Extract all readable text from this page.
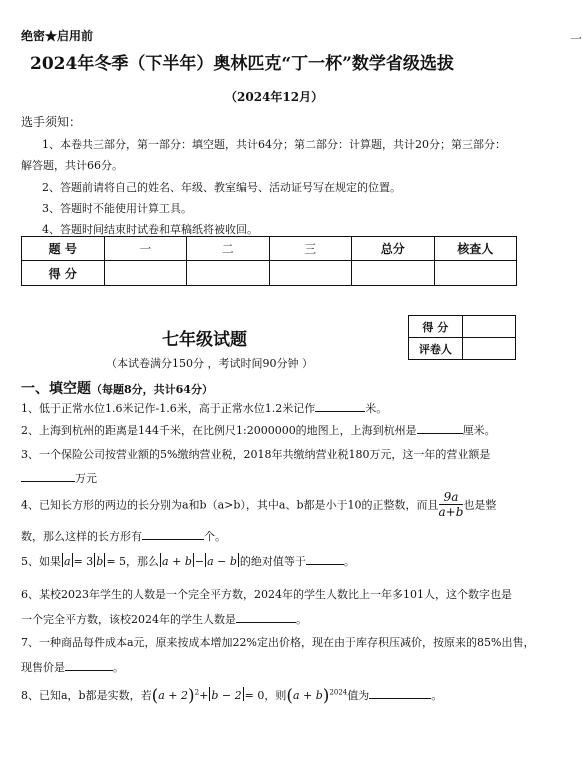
绝密★启用前	一
2024年冬季（下半年）奥林匹克“丁一杯”数学省级选拔
（2024年12月）
选手须知：
1、本卷共三部分，第一部分：填空题，共计64分；第二部分：计算题，共计20分；第三部分：
解答题，共计66分。
2、答题前请将自己的姓名、年级、教室编号、活动证号写在规定的位置。
3、答题时不能使用计算工具。
4、答题时间结束时试卷和草稿纸将被收回。
题 号	一	二	三	总分	核查人
得 分					
得 分	
评卷人	
七年级试题
（本试卷满分150分 ，考试时间90分钟 ）
一、填空题（每题8分，共计64分）
1、低于正常水位1.6米记作-1.6米，高于正常水位1.2米记作	米。
2、上海到杭州的距离是144千米，在比例尺1:2000000的地图上，上海到杭州是	厘米。
3、一个保险公司按营业额的5%缴纳营业税，2018年共缴纳营业税180万元，这一年的营业额是
万元
4、已知长方形的两边的长分别为a和b（a>b），其中a、b都是小于10的正整数，而且 $\frac{9a}{a+b}$ 也是整
数，那么这样的长方形有	个。
5、如果 a = 3 b = 5，那么 a + b − a − b 的绝对值等于	。
6、某校2023年学生的人数是一个完全平方数，2024年的学生人数比上一年多101人，这个数字也是
一个完全平方数，该校2024年的学生人数是	。
7、一种商品每件成本a元，原来按成本增加22%定出价格，现在由于库存积压减价，按原来的85%出售，
现售价是	。
8、已知a，b都是实数，若$(a + 2)^2+ b - 2 = 0$，则$(a + b)^{2024}$值为	。
